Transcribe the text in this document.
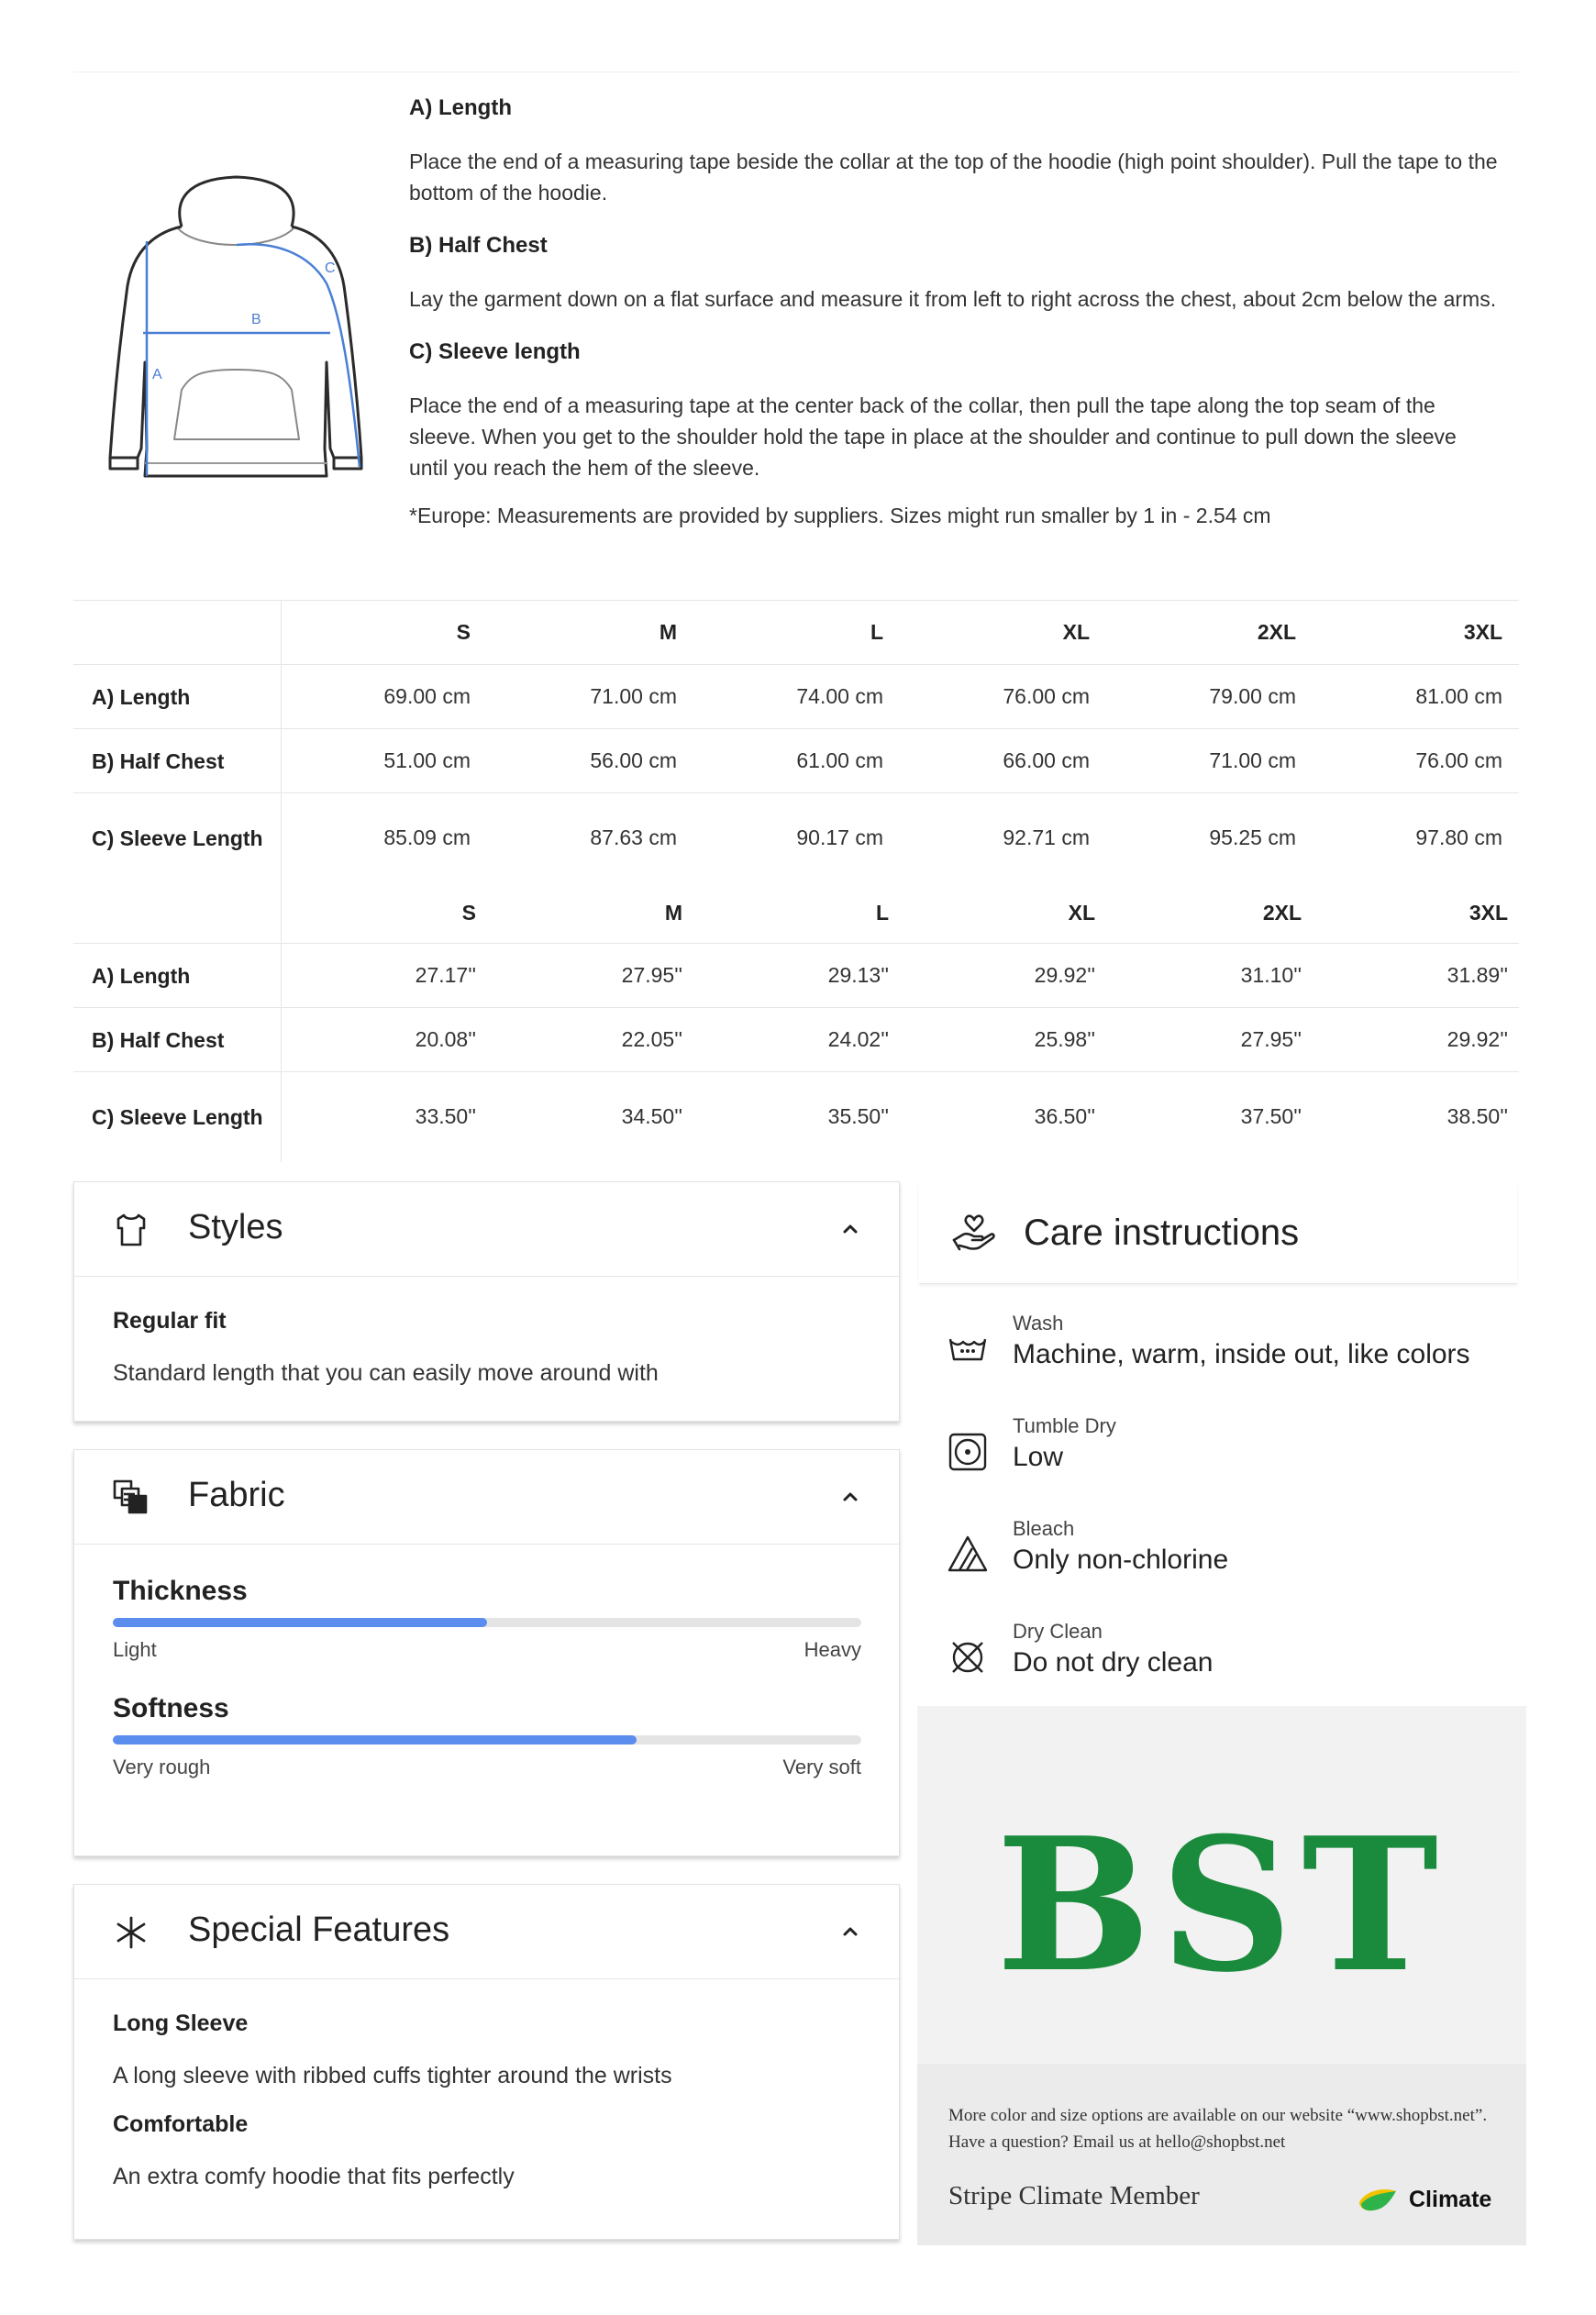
A
B
C
A) Length

Place the end of a measuring tape beside the collar at the top of the hoodie (high point shoulder). Pull the tape to the bottom of the hoodie.

B) Half Chest

Lay the garment down on a flat surface and measure it from left to right across the chest, about 2cm below the arms.

C) Sleeve length

Place the end of a measuring tape at the center back of the collar, then pull the tape along the top seam of the sleeve. When you get to the shoulder hold the tape in place at the shoulder and continue to pull down the sleeve until you reach the hem of the sleeve.

*Europe: Measurements are provided by suppliers. Sizes might run smaller by 1 in - 2.54 cm

	S	M	L	XL	2XL	3XL
A) Length	69.00 cm	71.00 cm	74.00 cm	76.00 cm	79.00 cm	81.00 cm
B) Half Chest	51.00 cm	56.00 cm	61.00 cm	66.00 cm	71.00 cm	76.00 cm
C) Sleeve Length	85.09 cm	87.63 cm	90.17 cm	92.71 cm	95.25 cm	97.80 cm
	S	M	L	XL	2XL	3XL
A) Length	27.17''	27.95''	29.13''	29.92''	31.10''	31.89''
B) Half Chest	20.08''	22.05''	24.02''	25.98''	27.95''	29.92''
C) Sleeve Length	33.50''	34.50''	35.50''	36.50''	37.50''	38.50''
Styles
Regular fit

Standard length that you can easily move around with

Fabric
Thickness
Light	Heavy
Softness
Very rough	Very soft
Special Features
Long Sleeve

A long sleeve with ribbed cuffs tighter around the wrists

Comfortable

An extra comfy hoodie that fits perfectly

Care instructions
Wash
Machine, warm, inside out, like colors
Tumble Dry
Low
Bleach
Only non-chlorine
Dry Clean
Do not dry clean
BST
More color and size options are available on our website “www.shopbst.net”.
Have a question? Email us at hello@shopbst.net
Stripe Climate Member	Climate
